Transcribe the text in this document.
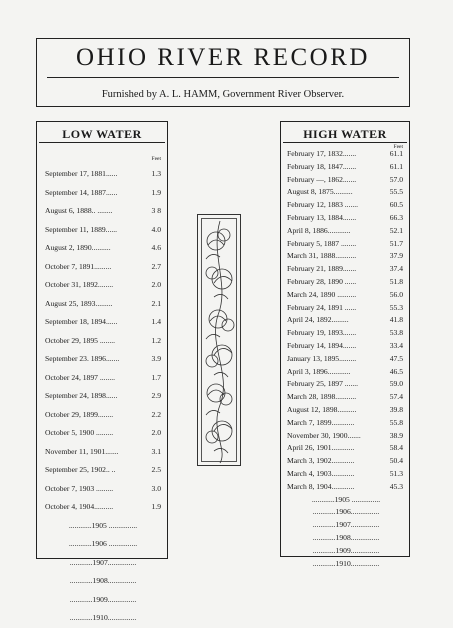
OHIO RIVER RECORD
Furnished by A. L. HAMM, Government River Observer.
LOW WATER
Feet
September 17, 1881......	1.3
September 14, 1887......	1.9
August 6, 1888.. ........	3 8
September 11, 1889......	4.0
August 2, 1890..........	4.6
October 7, 1891.........	2.7
October 31, 1892........	2.0
August 25, 1893.........	2.1
September 18, 1894......	1.4
October 29, 1895 ........	1.2
September 23. 1896.......	3.9
October 24, 1897 ........	1.7
September 24, 1898......	2.9
October 29, 1899........	2.2
October 5, 1900 .........	2.0
November 11, 1901.......	3.1
September 25, 1902.. ..	2.5
October 7, 1903 .........	3.0
October 4, 1904..........	1.9
............1905 ...............
............1906 ...............
............1907...............
............1908...............
............1909...............
............1910...............
HIGH WATER
Feet
February 17, 1832.......	61.1
February 18, 1847.......	61.1
February —, 1862.......	57.0
August 8, 1875..........	55.5
February 12, 1883 .......	60.5
February 13, 1884.......	66.3
April 8, 1886............	52.1
February 5, 1887 ........	51.7
March 31, 1888...........	37.9
February 21, 1889.......	37.4
February 28, 1890 ......	51.8
March 24, 1890 ..........	56.0
February 24, 1891 ......	55.3
April 24, 1892.........	41.8
February 19, 1893.......	53.8
February 14, 1894.......	33.4
January 13, 1895.........	47.5
April 3, 1896............	46.5
February 25, 1897 .......	59.0
March 28, 1898...........	57.4
August 12, 1898..........	39.8
March 7, 1899............	55.8
November 30, 1900.......	38.9
April 26, 1901............	58.4
March 3, 1902............	50.4
March 4, 1903............	51.3
March 8, 1904............	45.3
............1905 ...............
............1906...............
............1907...............
............1908...............
............1909...............
............1910...............
